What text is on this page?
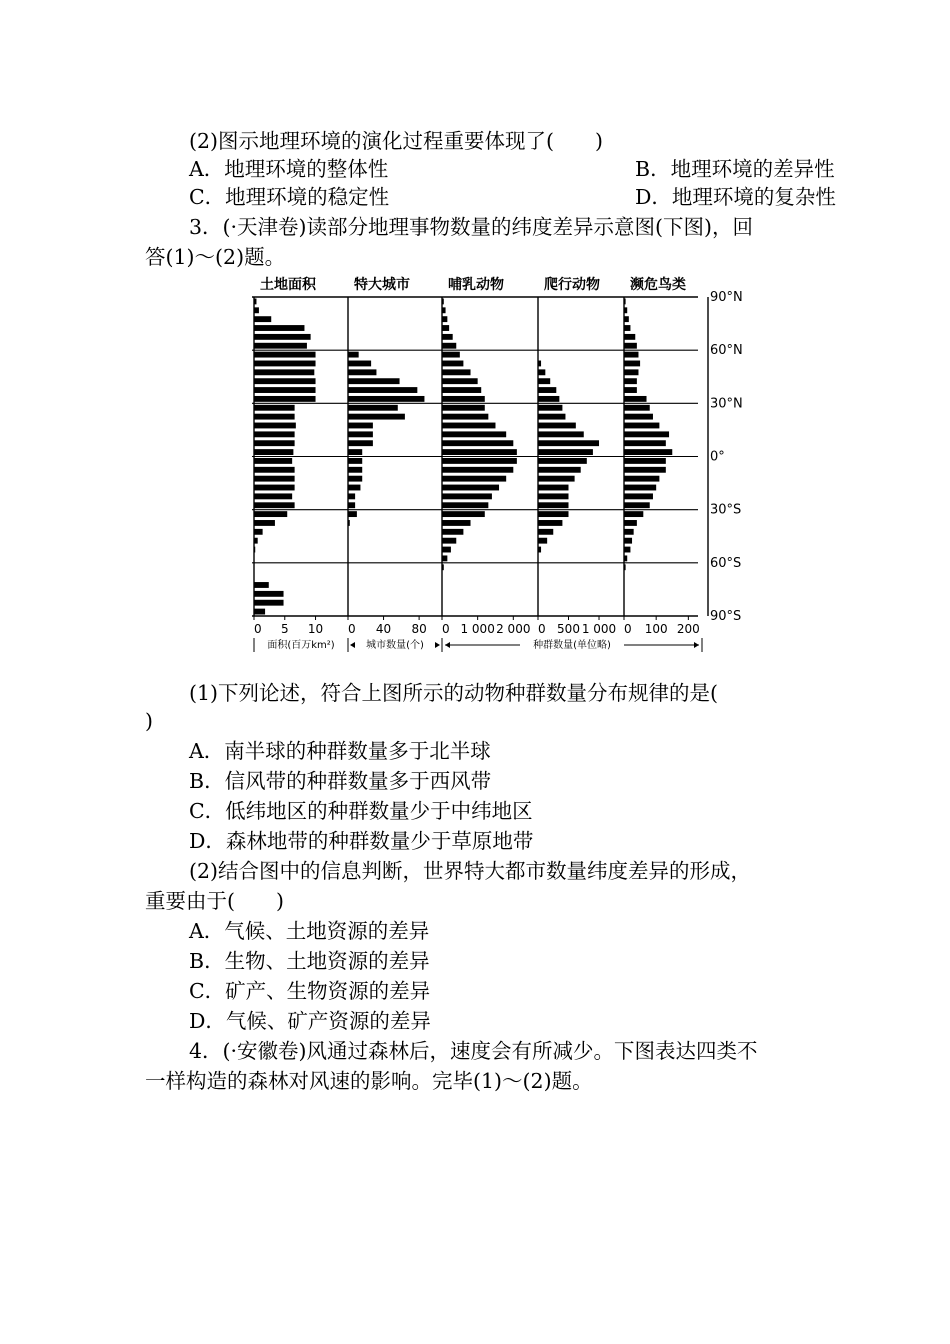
(2)图示地理环境的演化过程重要体现了(　　)
A．地理环境的整体性	B．地理环境的差异性
C．地理环境的稳定性	D．地理环境的复杂性
3．(·天津卷)读部分地理事物数量的纬度差异示意图(下图)，回
答(1)～(2)题。
土地面积
0 5 10
特大城市
0 40 80
哺乳动物
0 1 000 2 000
爬行动物
0 500 1 000
濒危鸟类
0 100 200
90°N
60°N
30°N
0°
30°S
60°S
90°S
面积(百万km²)	城市数量(个)	种群数量(单位略)
(1)下列论述，符合上图所示的动物种群数量分布规律的是(
)
A．南半球的种群数量多于北半球
B．信风带的种群数量多于西风带
C．低纬地区的种群数量少于中纬地区
D．森林地带的种群数量少于草原地带
(2)结合图中的信息判断，世界特大都市数量纬度差异的形成，
重要由于(　　)
A．气候、土地资源的差异
B．生物、土地资源的差异
C．矿产、生物资源的差异
D．气候、矿产资源的差异
4．(·安徽卷)风通过森林后，速度会有所减少。下图表达四类不
一样构造的森林对风速的影响。完毕(1)～(2)题。
